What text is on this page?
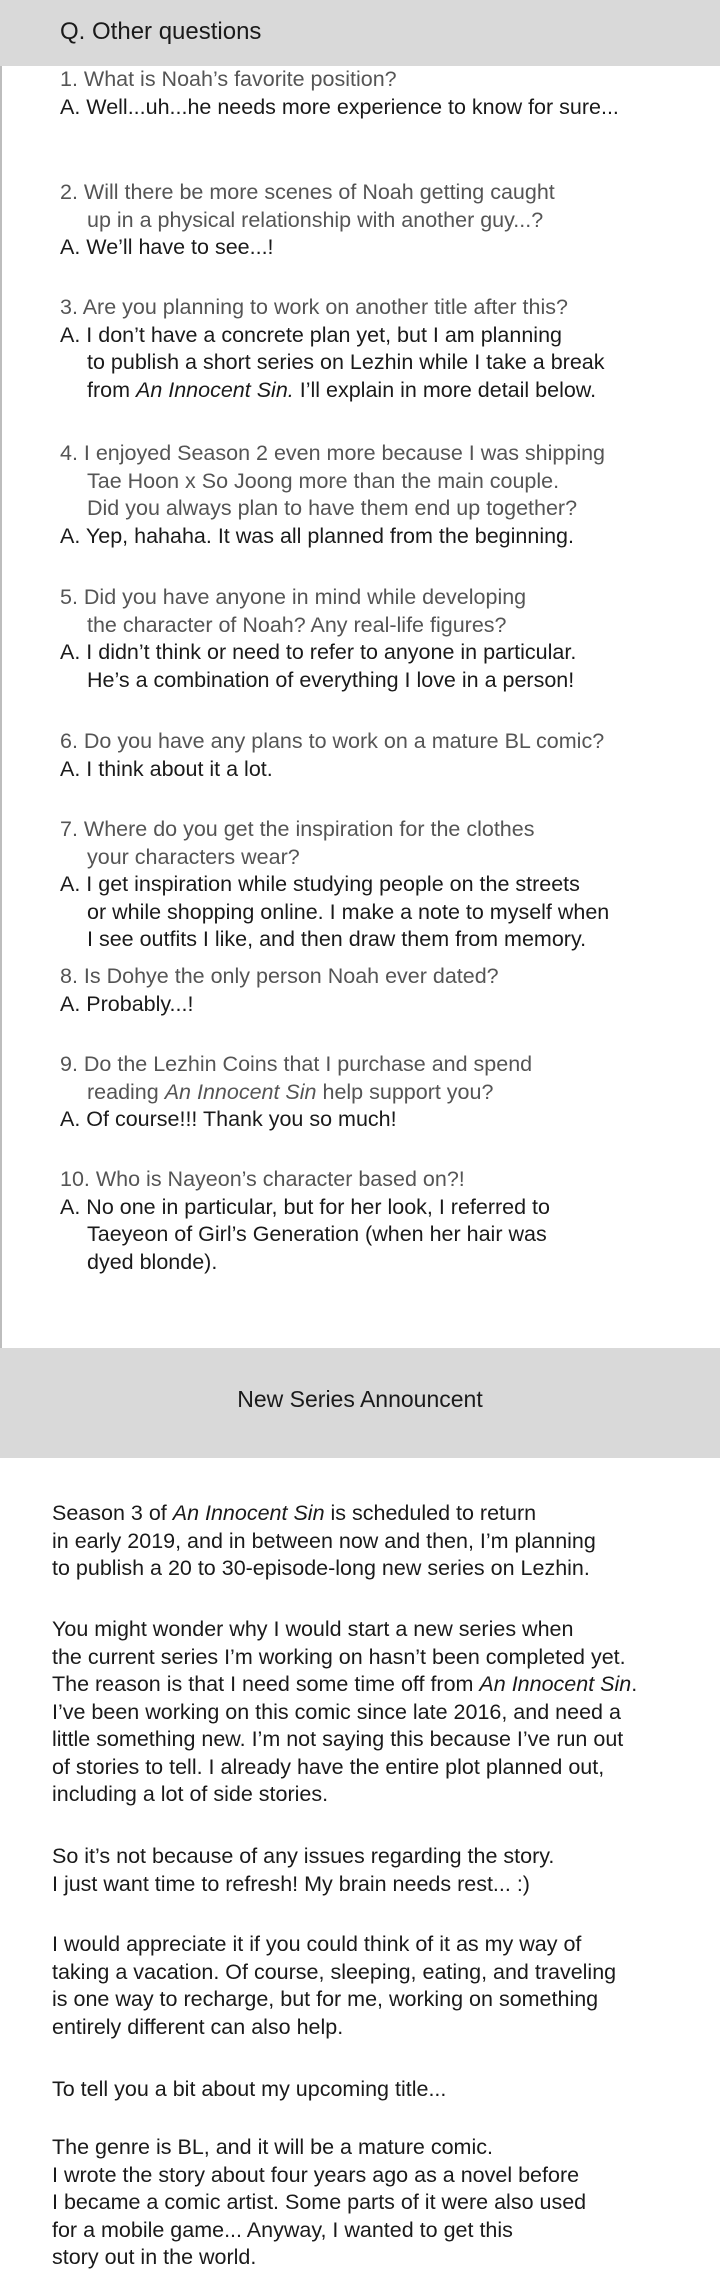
Q. Other questions
1. What is Noah’s favorite position?
A. Well...uh...he needs more experience to know for sure...
2. Will there be more scenes of Noah getting caught
up in a physical relationship with another guy...?
A. We’ll have to see...!
3. Are you planning to work on another title after this?
A. I don’t have a concrete plan yet, but I am planning
to publish a short series on Lezhin while I take a break
from An Innocent Sin. I’ll explain in more detail below.
4. I enjoyed Season 2 even more because I was shipping
Tae Hoon x So Joong more than the main couple.
Did you always plan to have them end up together?
A. Yep, hahaha. It was all planned from the beginning.
5. Did you have anyone in mind while developing
the character of Noah? Any real-life figures?
A. I didn’t think or need to refer to anyone in particular.
He’s a combination of everything I love in a person!
6. Do you have any plans to work on a mature BL comic?
A. I think about it a lot.
7. Where do you get the inspiration for the clothes
your characters wear?
A. I get inspiration while studying people on the streets
or while shopping online. I make a note to myself when
I see outfits I like, and then draw them from memory.
8. Is Dohye the only person Noah ever dated?
A. Probably...!
9. Do the Lezhin Coins that I purchase and spend
reading An Innocent Sin help support you?
A. Of course!!! Thank you so much!
10. Who is Nayeon’s character based on?!
A. No one in particular, but for her look, I referred to
Taeyeon of Girl’s Generation (when her hair was
dyed blonde).
New Series Announcent

Season 3 of An Innocent Sin is scheduled to return

in early 2019, and in between now and then, I’m planning

to publish a 20 to 30-episode-long new series on Lezhin.

You might wonder why I would start a new series when

the current series I’m working on hasn’t been completed yet.

The reason is that I need some time off from An Innocent Sin.

I’ve been working on this comic since late 2016, and need a

little something new. I’m not saying this because I’ve run out

of stories to tell. I already have the entire plot planned out,

including a lot of side stories.

So it’s not because of any issues regarding the story.

I just want time to refresh! My brain needs rest... :)

I would appreciate it if you could think of it as my way of

taking a vacation. Of course, sleeping, eating, and traveling

is one way to recharge, but for me, working on something

entirely different can also help.

To tell you a bit about my upcoming title...

The genre is BL, and it will be a mature comic.

I wrote the story about four years ago as a novel before

I became a comic artist. Some parts of it were also used

for a mobile game... Anyway, I wanted to get this

story out in the world.
